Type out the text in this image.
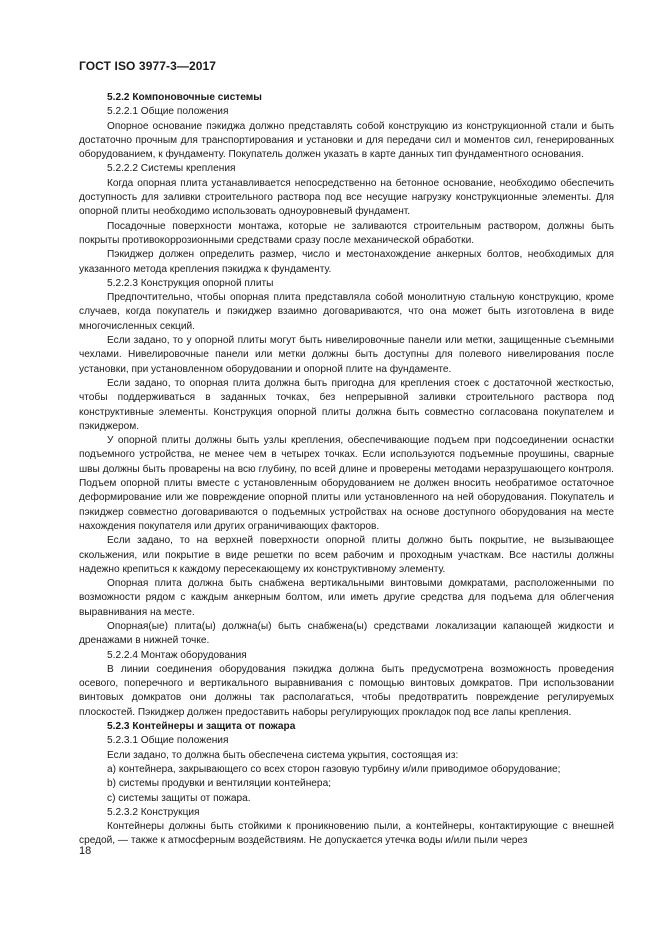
ГОСТ ISO 3977-3—2017

5.2.2 Компоновочные системы

5.2.2.1 Общие положения

Опорное основание пэкиджа должно представлять собой конструкцию из конструкционной стали и быть достаточно прочным для транспортирования и установки и для передачи сил и моментов сил, генерированных оборудованием, к фундаменту. Покупатель должен указать в карте данных тип фундаментного основания.

5.2.2.2 Системы крепления

Когда опорная плита устанавливается непосредственно на бетонное основание, необходимо обеспечить доступность для заливки строительного раствора под все несущие нагрузку конструкционные элементы. Для опорной плиты необходимо использовать одноуровневый фундамент.

Посадочные поверхности монтажа, которые не заливаются строительным раствором, должны быть покрыты противокоррозионными средствами сразу после механической обработки.

Пэкиджер должен определить размер, число и местонахождение анкерных болтов, необходимых для указанного метода крепления пэкиджа к фундаменту.

5.2.2.3 Конструкция опорной плиты

Предпочтительно, чтобы опорная плита представляла собой монолитную стальную конструкцию, кроме случаев, когда покупатель и пэкиджер взаимно договариваются, что она может быть изготовлена в виде многочисленных секций.

Если задано, то у опорной плиты могут быть нивелировочные панели или метки, защищенные съемными чехлами. Нивелировочные панели или метки должны быть доступны для полевого нивелирования после установки, при установленном оборудовании и опорной плите на фундаменте.

Если задано, то опорная плита должна быть пригодна для крепления стоек с достаточной жесткостью, чтобы поддерживаться в заданных точках, без непрерывной заливки строительного раствора под конструктивные элементы. Конструкция опорной плиты должна быть совместно согласована покупателем и пэкиджером.

У опорной плиты должны быть узлы крепления, обеспечивающие подъем при подсоединении оснастки подъемного устройства, не менее чем в четырех точках. Если используются подъемные проушины, сварные швы должны быть проварены на всю глубину, по всей длине и проверены методами неразрушающего контроля. Подъем опорной плиты вместе с установленным оборудованием не должен вносить необратимое остаточное деформирование или же повреждение опорной плиты или установленного на ней оборудования. Покупатель и пэкиджер совместно договариваются о подъемных устройствах на основе доступного оборудования на месте нахождения покупателя или других ограничивающих факторов.

Если задано, то на верхней поверхности опорной плиты должно быть покрытие, не вызывающее скольжения, или покрытие в виде решетки по всем рабочим и проходным участкам. Все настилы должны надежно крепиться к каждому пересекающему их конструктивному элементу.

Опорная плита должна быть снабжена вертикальными винтовыми домкратами, расположенными по возможности рядом с каждым анкерным болтом, или иметь другие средства для подъема для облегчения выравнивания на месте.

Опорная(ые) плита(ы) должна(ы) быть снабжена(ы) средствами локализации капающей жидкости и дренажами в нижней точке.

5.2.2.4 Монтаж оборудования

В линии соединения оборудования пэкиджа должна быть предусмотрена возможность проведения осевого, поперечного и вертикального выравнивания с помощью винтовых домкратов. При использовании винтовых домкратов они должны так располагаться, чтобы предотвратить повреждение регулируемых плоскостей. Пэкиджер должен предоставить наборы регулирующих прокладок под все лапы крепления.

5.2.3 Контейнеры и защита от пожара

5.2.3.1 Общие положения

Если задано, то должна быть обеспечена система укрытия, состоящая из:

a) контейнера, закрывающего со всех сторон газовую турбину и/или приводимое оборудование;

b) системы продувки и вентиляции контейнера;

c) системы защиты от пожара.

5.2.3.2 Конструкция

Контейнеры должны быть стойкими к проникновению пыли, а контейнеры, контактирующие с внешней средой, — также к атмосферным воздействиям. Не допускается утечка воды и/или пыли через

18
